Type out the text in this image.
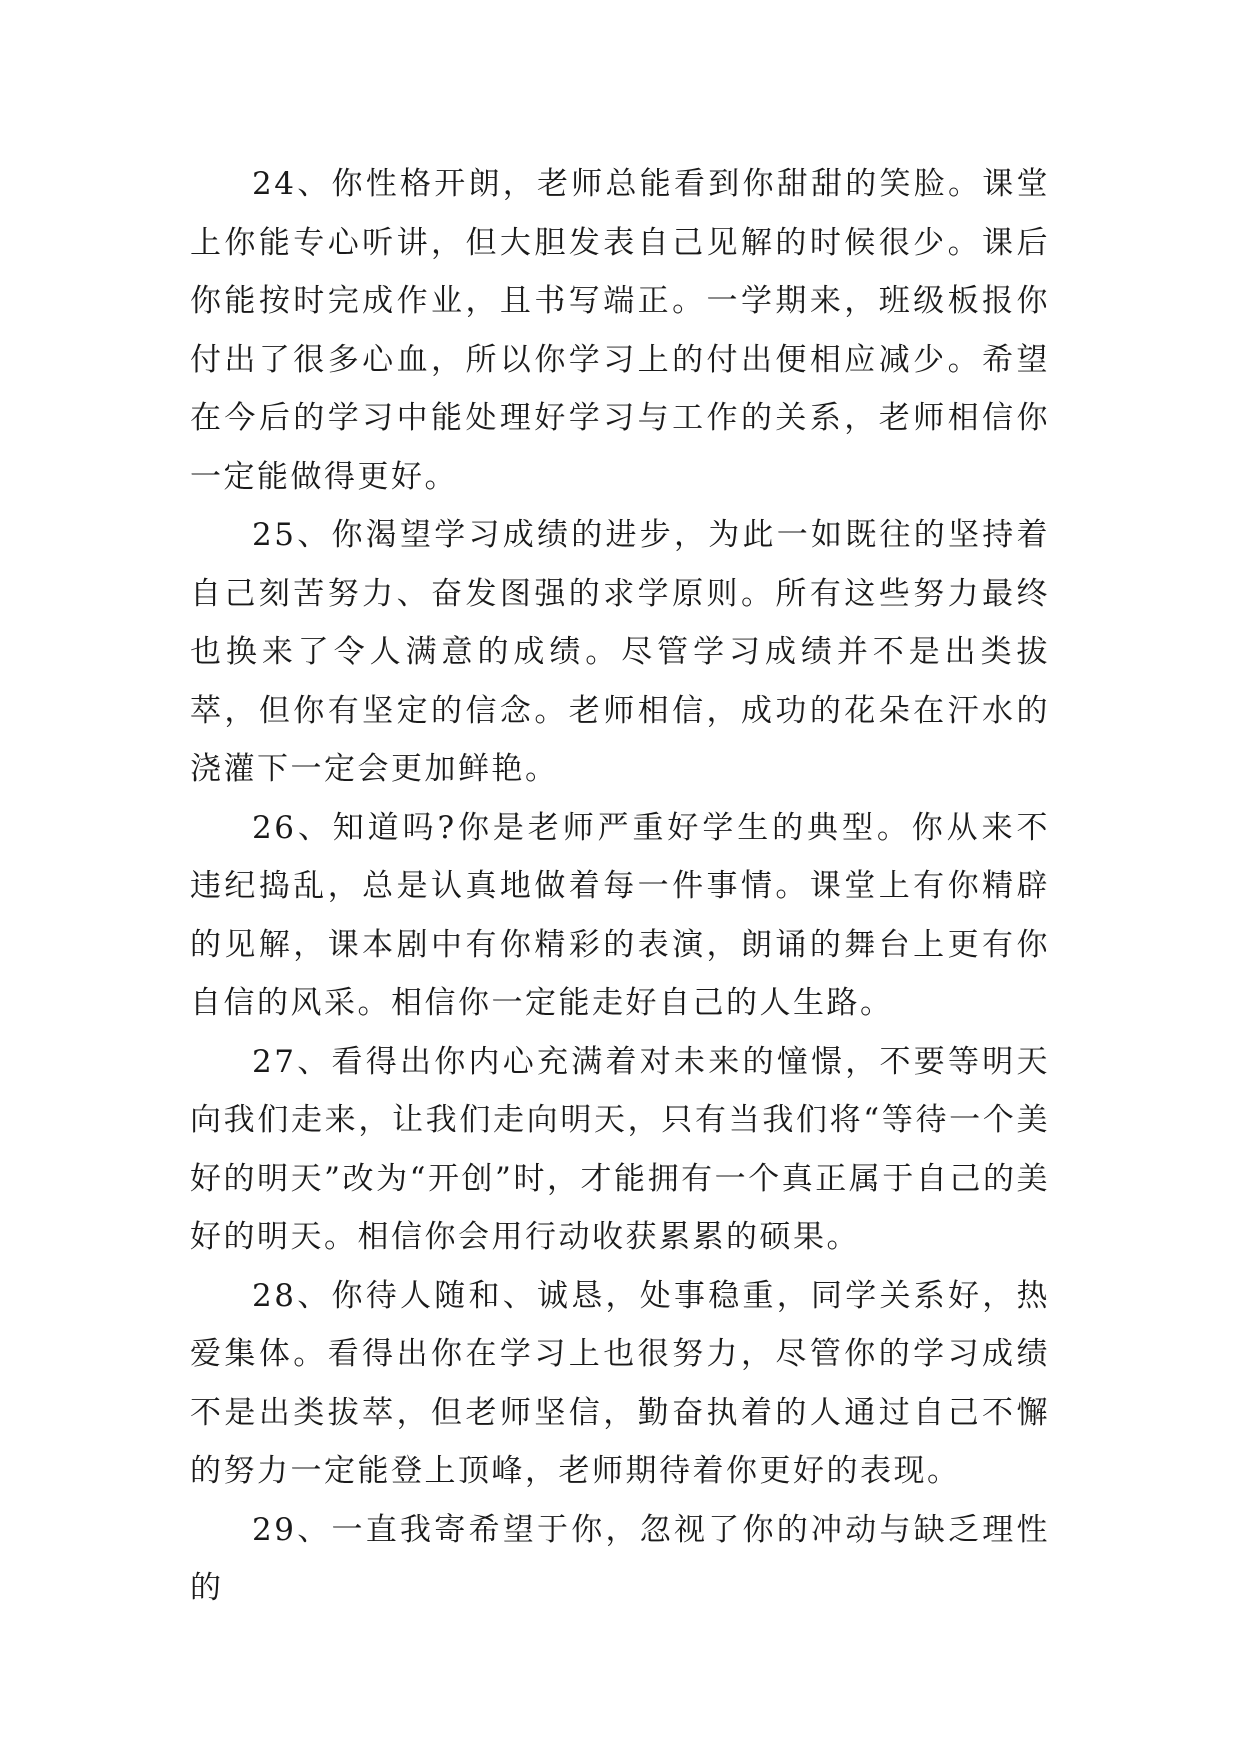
24、你性格开朗，老师总能看到你甜甜的笑脸。课堂上你能专心听讲，但大胆发表自己见解的时候很少。课后你能按时完成作业，且书写端正。一学期来，班级板报你付出了很多心血，所以你学习上的付出便相应减少。希望在今后的学习中能处理好学习与工作的关系，老师相信你一定能做得更好。

25、你渴望学习成绩的进步，为此一如既往的坚持着自己刻苦努力、奋发图强的求学原则。所有这些努力最终也换来了令人满意的成绩。尽管学习成绩并不是出类拔萃，但你有坚定的信念。老师相信，成功的花朵在汗水的浇灌下一定会更加鲜艳。

26、知道吗?你是老师严重好学生的典型。你从来不违纪捣乱，总是认真地做着每一件事情。课堂上有你精辟的见解，课本剧中有你精彩的表演，朗诵的舞台上更有你自信的风采。相信你一定能走好自己的人生路。

27、看得出你内心充满着对未来的憧憬，不要等明天向我们走来，让我们走向明天，只有当我们将“等待一个美好的明天”改为“开创”时，才能拥有一个真正属于自己的美好的明天。相信你会用行动收获累累的硕果。

28、你待人随和、诚恳，处事稳重，同学关系好，热爱集体。看得出你在学习上也很努力，尽管你的学习成绩不是出类拔萃，但老师坚信，勤奋执着的人通过自己不懈的努力一定能登上顶峰，老师期待着你更好的表现。

29、一直我寄希望于你，忽视了你的冲动与缺乏理性的
